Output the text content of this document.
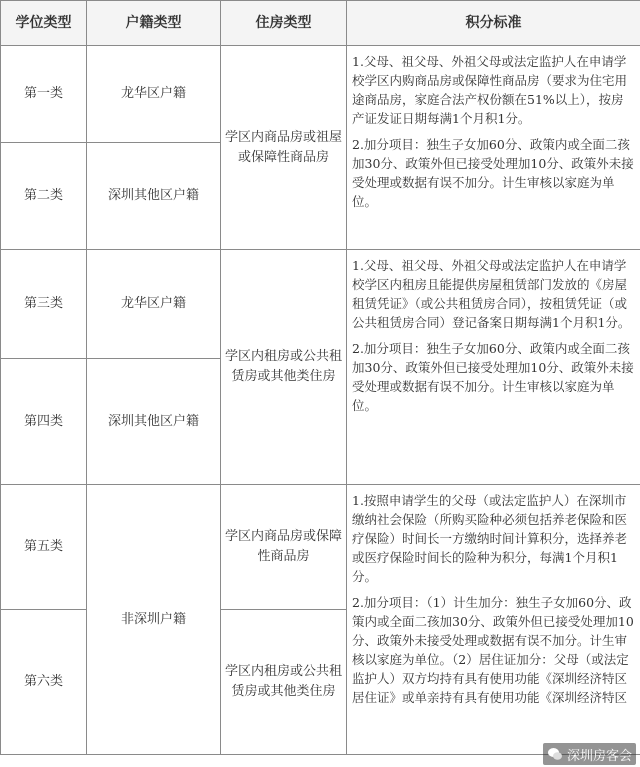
学位类型	户籍类型	住房类型	积分标准
第一类	龙华区户籍	学区内商品房或祖屋或保障性商品房	1.父母、祖父母、外祖父母或法定监护人在申请学校学区内购商品房或保障性商品房（要求为住宅用途商品房，家庭合法产权份额在51%以上），按房产证发证日期每满1个月积1分。

2.加分项目：独生子女加60分、政策内或全面二孩加30分、政策外但已接受处理加10分、政策外未接受处理或数据有误不加分。计生审核以家庭为单位。

第二类	深圳其他区户籍		
第三类	龙华区户籍	学区内租房或公共租赁房或其他类住房	1.父母、祖父母、外祖父母或法定监护人在申请学校学区内租房且能提供房屋租赁部门发放的《房屋租赁凭证》（或公共租赁房合同），按租赁凭证（或公共租赁房合同）登记备案日期每满1个月积1分。

2.加分项目：独生子女加60分、政策内或全面二孩加30分、政策外但已接受处理加10分、政策外未接受处理或数据有误不加分。计生审核以家庭为单位。

第四类	深圳其他区户籍		
第五类	非深圳户籍	学区内商品房或保障性商品房	1.按照申请学生的父母（或法定监护人）在深圳市缴纳社会保险（所购买险种必须包括养老保险和医疗保险）时间长一方缴纳时间计算积分，选择养老或医疗保险时间长的险种为积分，每满1个月积1分。

2.加分项目：（1）计生加分：独生子女加60分、政策内或全面二孩加30分、政策外但已接受处理加10分、政策外未接受处理或数据有误不加分。计生审核以家庭为单位。（2）居住证加分：父母（或法定监护人）双方均持有具有使用功能《深圳经济特区居住证》或单亲持有具有使用功能《深圳经济特区

第六类		学区内租房或公共租赁房或其他类住房	
深圳房客会
